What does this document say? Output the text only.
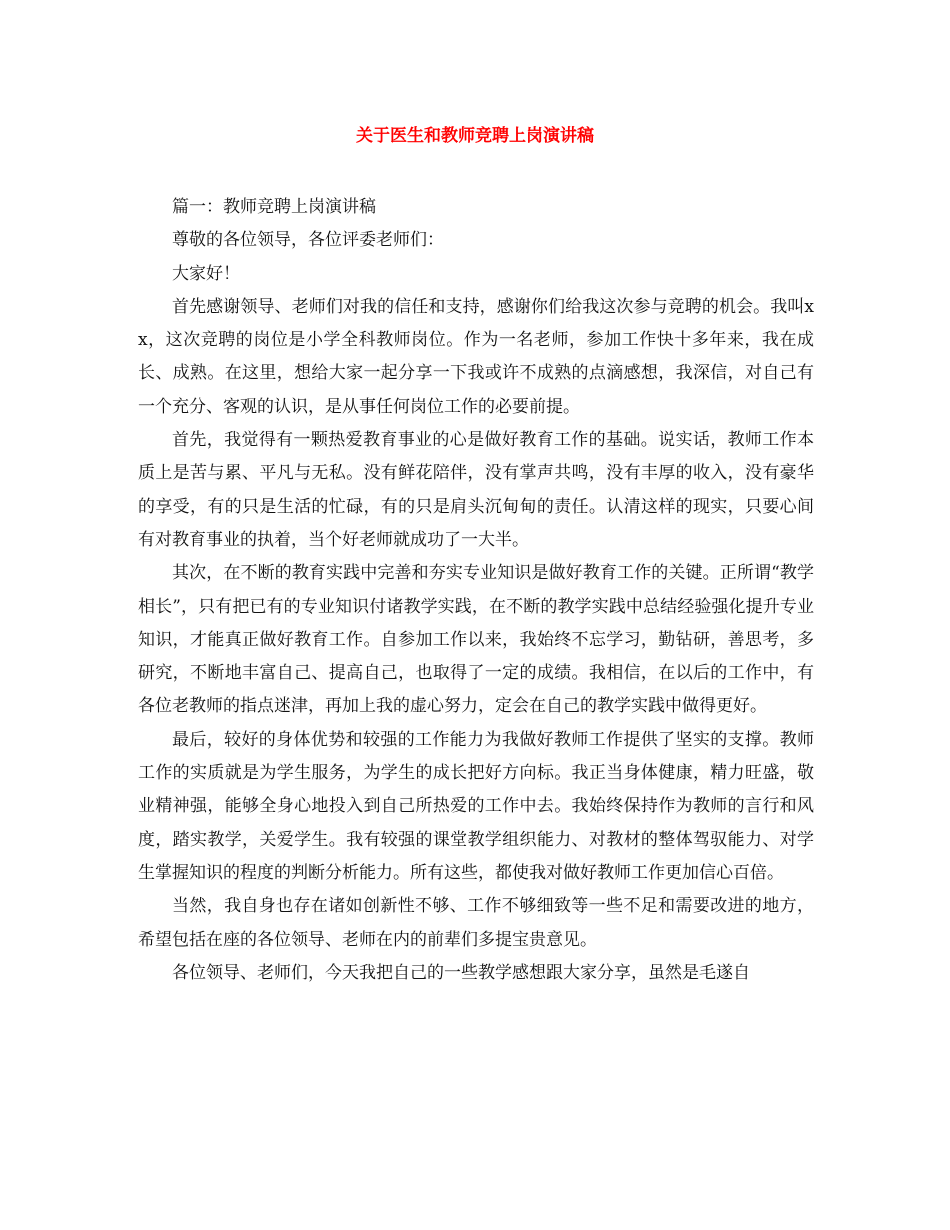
关于医生和教师竞聘上岗演讲稿

篇一：教师竞聘上岗演讲稿

尊敬的各位领导，各位评委老师们：

大家好！

首先感谢领导、老师们对我的信任和支持，感谢你们给我这次参与竞聘的机会。我叫xx，这次竞聘的岗位是小学全科教师岗位。作为一名老师，参加工作快十多年来，我在成长、成熟。在这里，想给大家一起分享一下我或许不成熟的点滴感想，我深信，对自己有一个充分、客观的认识，是从事任何岗位工作的必要前提。

首先，我觉得有一颗热爱教育事业的心是做好教育工作的基础。说实话，教师工作本质上是苦与累、平凡与无私。没有鲜花陪伴，没有掌声共鸣，没有丰厚的收入，没有豪华的享受，有的只是生活的忙碌，有的只是肩头沉甸甸的责任。认清这样的现实，只要心间有对教育事业的执着，当个好老师就成功了一大半。

其次，在不断的教育实践中完善和夯实专业知识是做好教育工作的关键。正所谓“教学相长”，只有把已有的专业知识付诸教学实践，在不断的教学实践中总结经验强化提升专业知识，才能真正做好教育工作。自参加工作以来，我始终不忘学习，勤钻研，善思考，多研究，不断地丰富自己、提高自己，也取得了一定的成绩。我相信，在以后的工作中，有各位老教师的指点迷津，再加上我的虚心努力，定会在自己的教学实践中做得更好。

最后，较好的身体优势和较强的工作能力为我做好教师工作提供了坚实的支撑。教师工作的实质就是为学生服务，为学生的成长把好方向标。我正当身体健康，精力旺盛，敬业精神强，能够全身心地投入到自己所热爱的工作中去。我始终保持作为教师的言行和风度，踏实教学，关爱学生。我有较强的课堂教学组织能力、对教材的整体驾驭能力、对学生掌握知识的程度的判断分析能力。所有这些，都使我对做好教师工作更加信心百倍。

当然，我自身也存在诸如创新性不够、工作不够细致等一些不足和需要改进的地方，希望包括在座的各位领导、老师在内的前辈们多提宝贵意见。

各位领导、老师们，今天我把自己的一些教学感想跟大家分享，虽然是毛遂自
